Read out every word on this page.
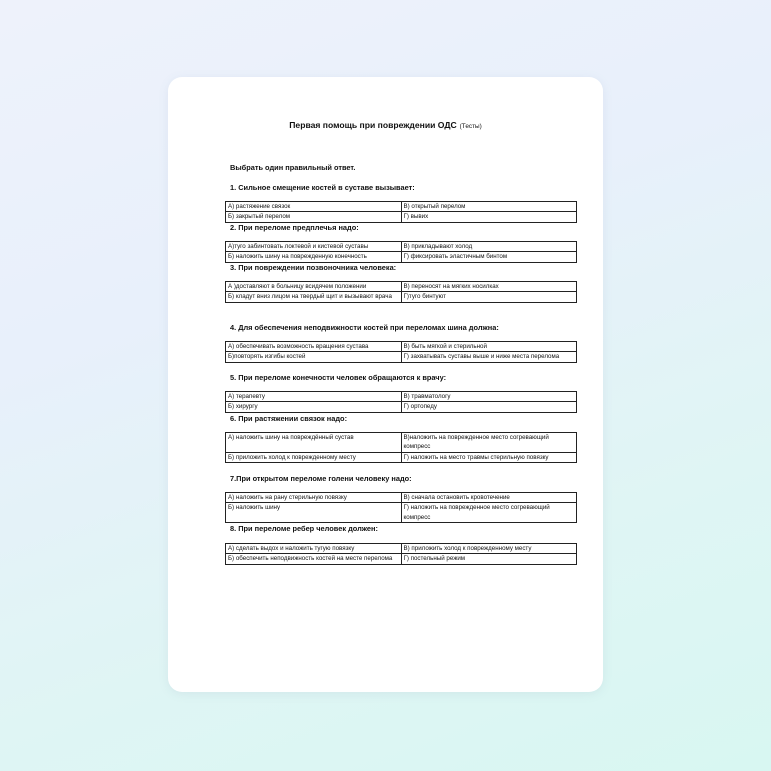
Первая помощь при повреждении ОДС (Тесты)
Выбрать один правильный ответ.
1. Сильное смещение костей в суставе вызывает:
А) растяжение связок	В) открытый перелом
Б) закрытый перелом	Г) вывих
2. При переломе предплечья надо:
А)туго забинтовать локтевой и кистевой суставы	В) прикладывают холод
Б) наложить шину на поврежденную конечность	Г) фиксировать эластичным бинтом
3. При повреждении позвоночника человека:
А )доставляют в больницу всидячем положении	В) переносят на мягких носилках
Б) кладут вниз лицом на твердый щит и вызывают врача	Г)туго бинтуют
4. Для обеспечения неподвижности костей при переломах шина должна:
А) обеспечивать возможность вращения сустава	В) быть мягкой и стерильной
Б)повторять изгибы костей	Г) захватывать суставы выше и ниже места перелома
5. При переломе конечности человек обращаются к врачу:
А) терапевту	В) травматологу
Б) хирургу	Г) ортопеду
6. При растяжении связок надо:
А) наложить шину на повреждённый сустав	В)наложить на поврежденное место согревающий компресс
Б) приложить холод к поврежденному месту	Г) наложить на место травмы стерильную повязку
7.При открытом переломе голени человеку надо:
А) наложить на рану стерильную повязку	В) сначала остановить кровотечение
Б) наложить шину	Г) наложить на поврежденное место согревающий компресс
8. При переломе ребер человек должен:
А) сделать выдох и наложить тугую повязку	В) приложить холод к поврежденному месту
Б) обеспечить неподвижность костей на месте перелома	Г) постельный режим
